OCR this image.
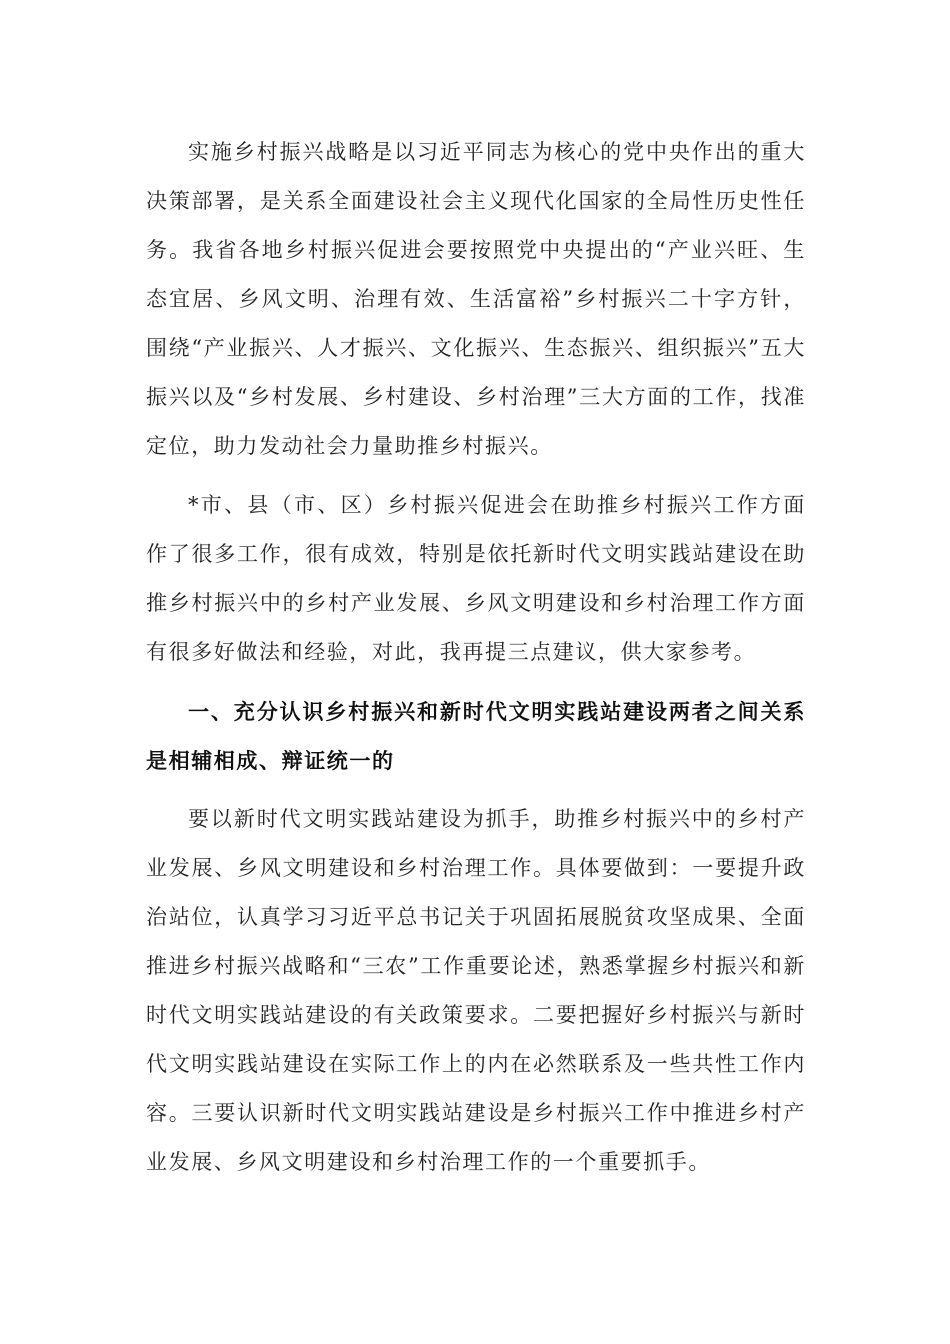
实施乡村振兴战略是以习近平同志为核心的党中央作出的重大决策部署，是关系全面建设社会主义现代化国家的全局性历史性任务。我省各地乡村振兴促进会要按照党中央提出的“产业兴旺、生态宜居、乡风文明、治理有效、生活富裕”乡村振兴二十字方针，围绕“产业振兴、人才振兴、文化振兴、生态振兴、组织振兴”五大振兴以及“乡村发展、乡村建设、乡村治理”三大方面的工作，找准定位，助力发动社会力量助推乡村振兴。

*市、县（市、区）乡村振兴促进会在助推乡村振兴工作方面作了很多工作，很有成效，特别是依托新时代文明实践站建设在助推乡村振兴中的乡村产业发展、乡风文明建设和乡村治理工作方面有很多好做法和经验，对此，我再提三点建议，供大家参考。

一、充分认识乡村振兴和新时代文明实践站建设两者之间关系是相辅相成、辩证统一的

要以新时代文明实践站建设为抓手，助推乡村振兴中的乡村产业发展、乡风文明建设和乡村治理工作。具体要做到：一要提升政治站位，认真学习习近平总书记关于巩固拓展脱贫攻坚成果、全面推进乡村振兴战略和“三农”工作重要论述，熟悉掌握乡村振兴和新时代文明实践站建设的有关政策要求。二要把握好乡村振兴与新时代文明实践站建设在实际工作上的内在必然联系及一些共性工作内容。三要认识新时代文明实践站建设是乡村振兴工作中推进乡村产业发展、乡风文明建设和乡村治理工作的一个重要抓手。
